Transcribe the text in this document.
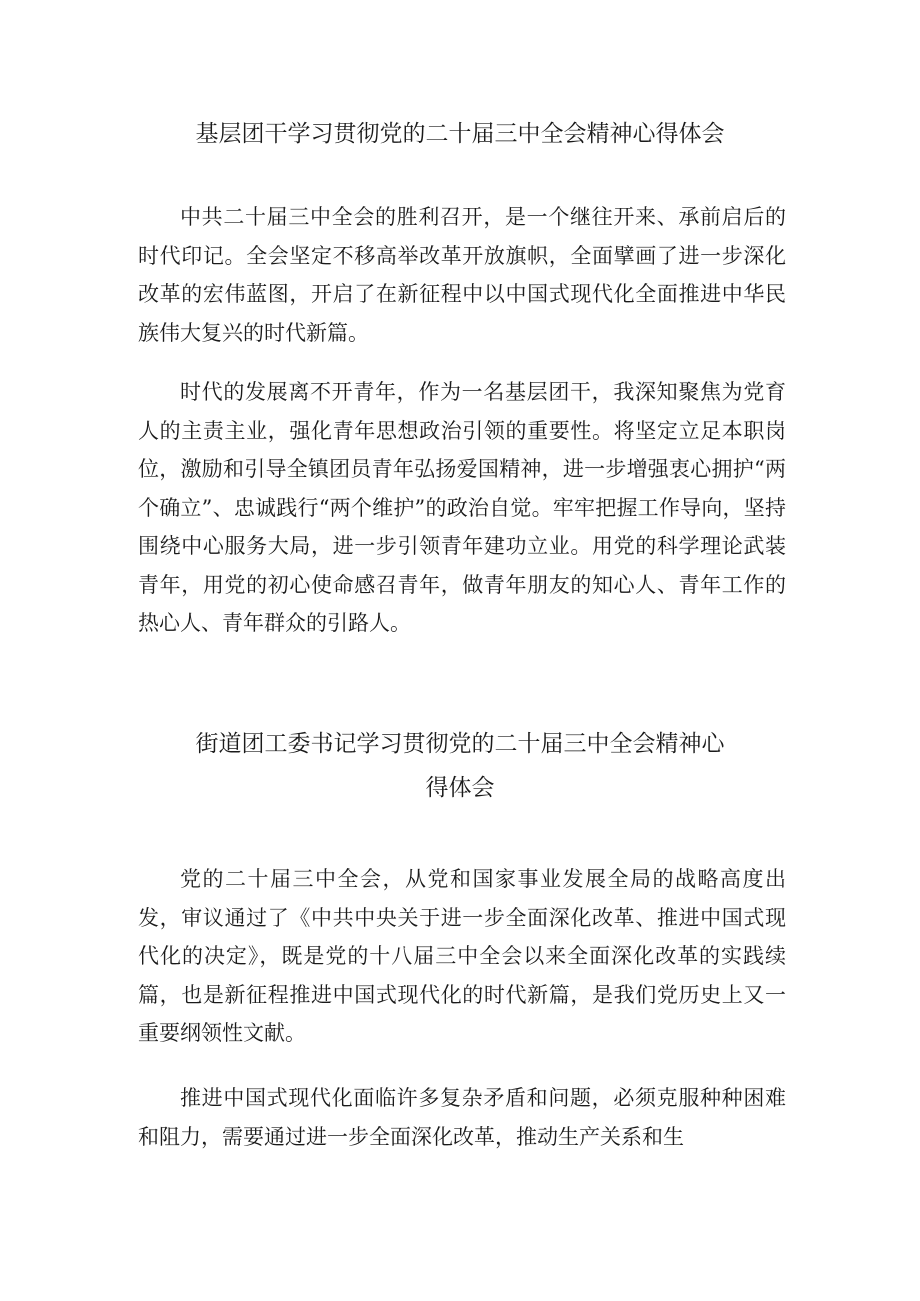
基层团干学习贯彻党的二十届三中全会精神心得体会

中共二十届三中全会的胜利召开，是一个继往开来、承前启后的时代印记。全会坚定不移高举改革开放旗帜，全面擘画了进一步深化改革的宏伟蓝图，开启了在新征程中以中国式现代化全面推进中华民族伟大复兴的时代新篇。

时代的发展离不开青年，作为一名基层团干，我深知聚焦为党育人的主责主业，强化青年思想政治引领的重要性。将坚定立足本职岗位，激励和引导全镇团员青年弘扬爱国精神，进一步增强衷心拥护“两个确立”、忠诚践行“两个维护”的政治自觉。牢牢把握工作导向，坚持围绕中心服务大局，进一步引领青年建功立业。用党的科学理论武装青年，用党的初心使命感召青年，做青年朋友的知心人、青年工作的热心人、青年群众的引路人。

街道团工委书记学习贯彻党的二十届三中全会精神心
得体会

党的二十届三中全会，从党和国家事业发展全局的战略高度出发，审议通过了《中共中央关于进一步全面深化改革、推进中国式现代化的决定》，既是党的十八届三中全会以来全面深化改革的实践续篇，也是新征程推进中国式现代化的时代新篇，是我们党历史上又一重要纲领性文献。

推进中国式现代化面临许多复杂矛盾和问题，必须克服种种困难和阻力，需要通过进一步全面深化改革，推动生产关系和生
